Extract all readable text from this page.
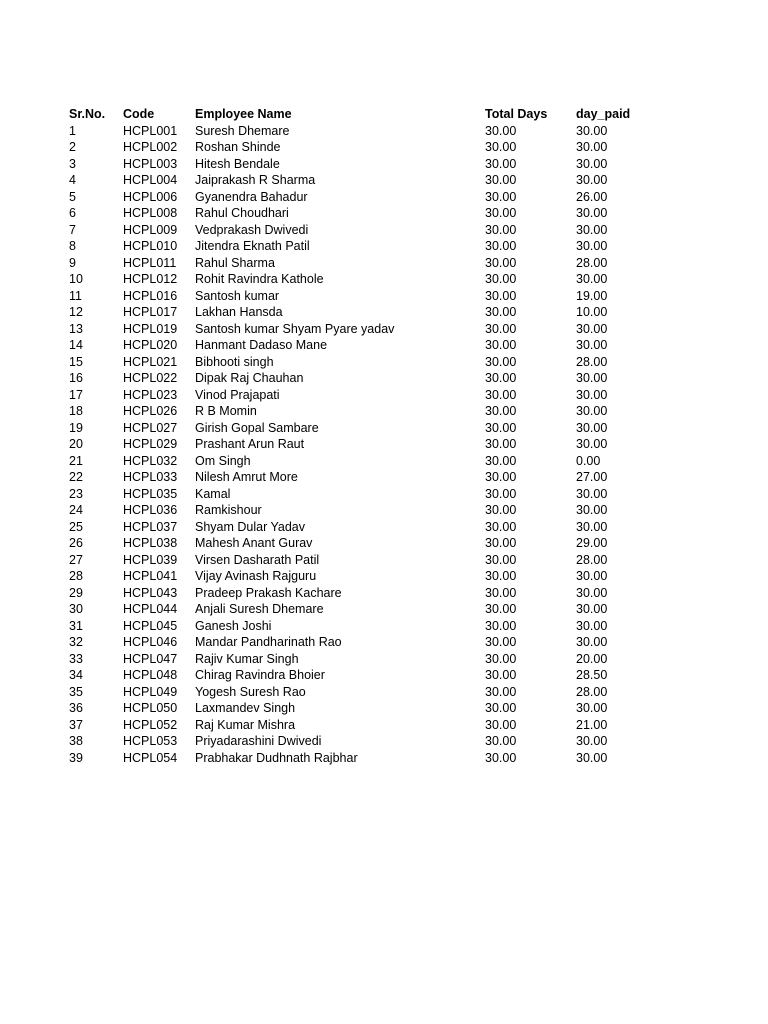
Sr.No. Code	Employee Name	Total Days day_paid
1	HCPL001 Suresh Dhemare	30.00	30.00
2	HCPL002 Roshan Shinde	30.00	30.00
3	HCPL003 Hitesh Bendale	30.00	30.00
4	HCPL004 Jaiprakash R Sharma	30.00	30.00
5	HCPL006 Gyanendra Bahadur	30.00	26.00
6	HCPL008 Rahul Choudhari	30.00	30.00
7	HCPL009 Vedprakash Dwivedi	30.00	30.00
8	HCPL010 Jitendra Eknath Patil	30.00	30.00
9	HCPL011 Rahul Sharma	30.00	28.00
10	HCPL012 Rohit Ravindra Kathole	30.00	30.00
11	HCPL016 Santosh kumar	30.00	19.00
12	HCPL017 Lakhan Hansda	30.00	10.00
13	HCPL019 Santosh kumar Shyam Pyare yadav	30.00	30.00
14	HCPL020 Hanmant Dadaso Mane	30.00	30.00
15	HCPL021 Bibhooti singh	30.00	28.00
16	HCPL022 Dipak Raj Chauhan	30.00	30.00
17	HCPL023 Vinod Prajapati	30.00	30.00
18	HCPL026 R B Momin	30.00	30.00
19	HCPL027 Girish Gopal Sambare	30.00	30.00
20	HCPL029 Prashant Arun Raut	30.00	30.00
21	HCPL032 Om Singh	30.00	0.00
22	HCPL033 Nilesh Amrut More	30.00	27.00
23	HCPL035 Kamal	30.00	30.00
24	HCPL036 Ramkishour	30.00	30.00
25	HCPL037 Shyam Dular Yadav	30.00	30.00
26	HCPL038 Mahesh Anant Gurav	30.00	29.00
27	HCPL039 Virsen Dasharath Patil	30.00	28.00
28	HCPL041 Vijay Avinash Rajguru	30.00	30.00
29	HCPL043 Pradeep Prakash Kachare	30.00	30.00
30	HCPL044 Anjali Suresh Dhemare	30.00	30.00
31	HCPL045 Ganesh Joshi	30.00	30.00
32	HCPL046 Mandar Pandharinath Rao	30.00	30.00
33	HCPL047 Rajiv Kumar Singh	30.00	20.00
34	HCPL048 Chirag Ravindra Bhoier	30.00	28.50
35	HCPL049 Yogesh Suresh Rao	30.00	28.00
36	HCPL050 Laxmandev Singh	30.00	30.00
37	HCPL052 Raj Kumar Mishra	30.00	21.00
38	HCPL053 Priyadarashini Dwivedi	30.00	30.00
39	HCPL054 Prabhakar Dudhnath Rajbhar	30.00	30.00
